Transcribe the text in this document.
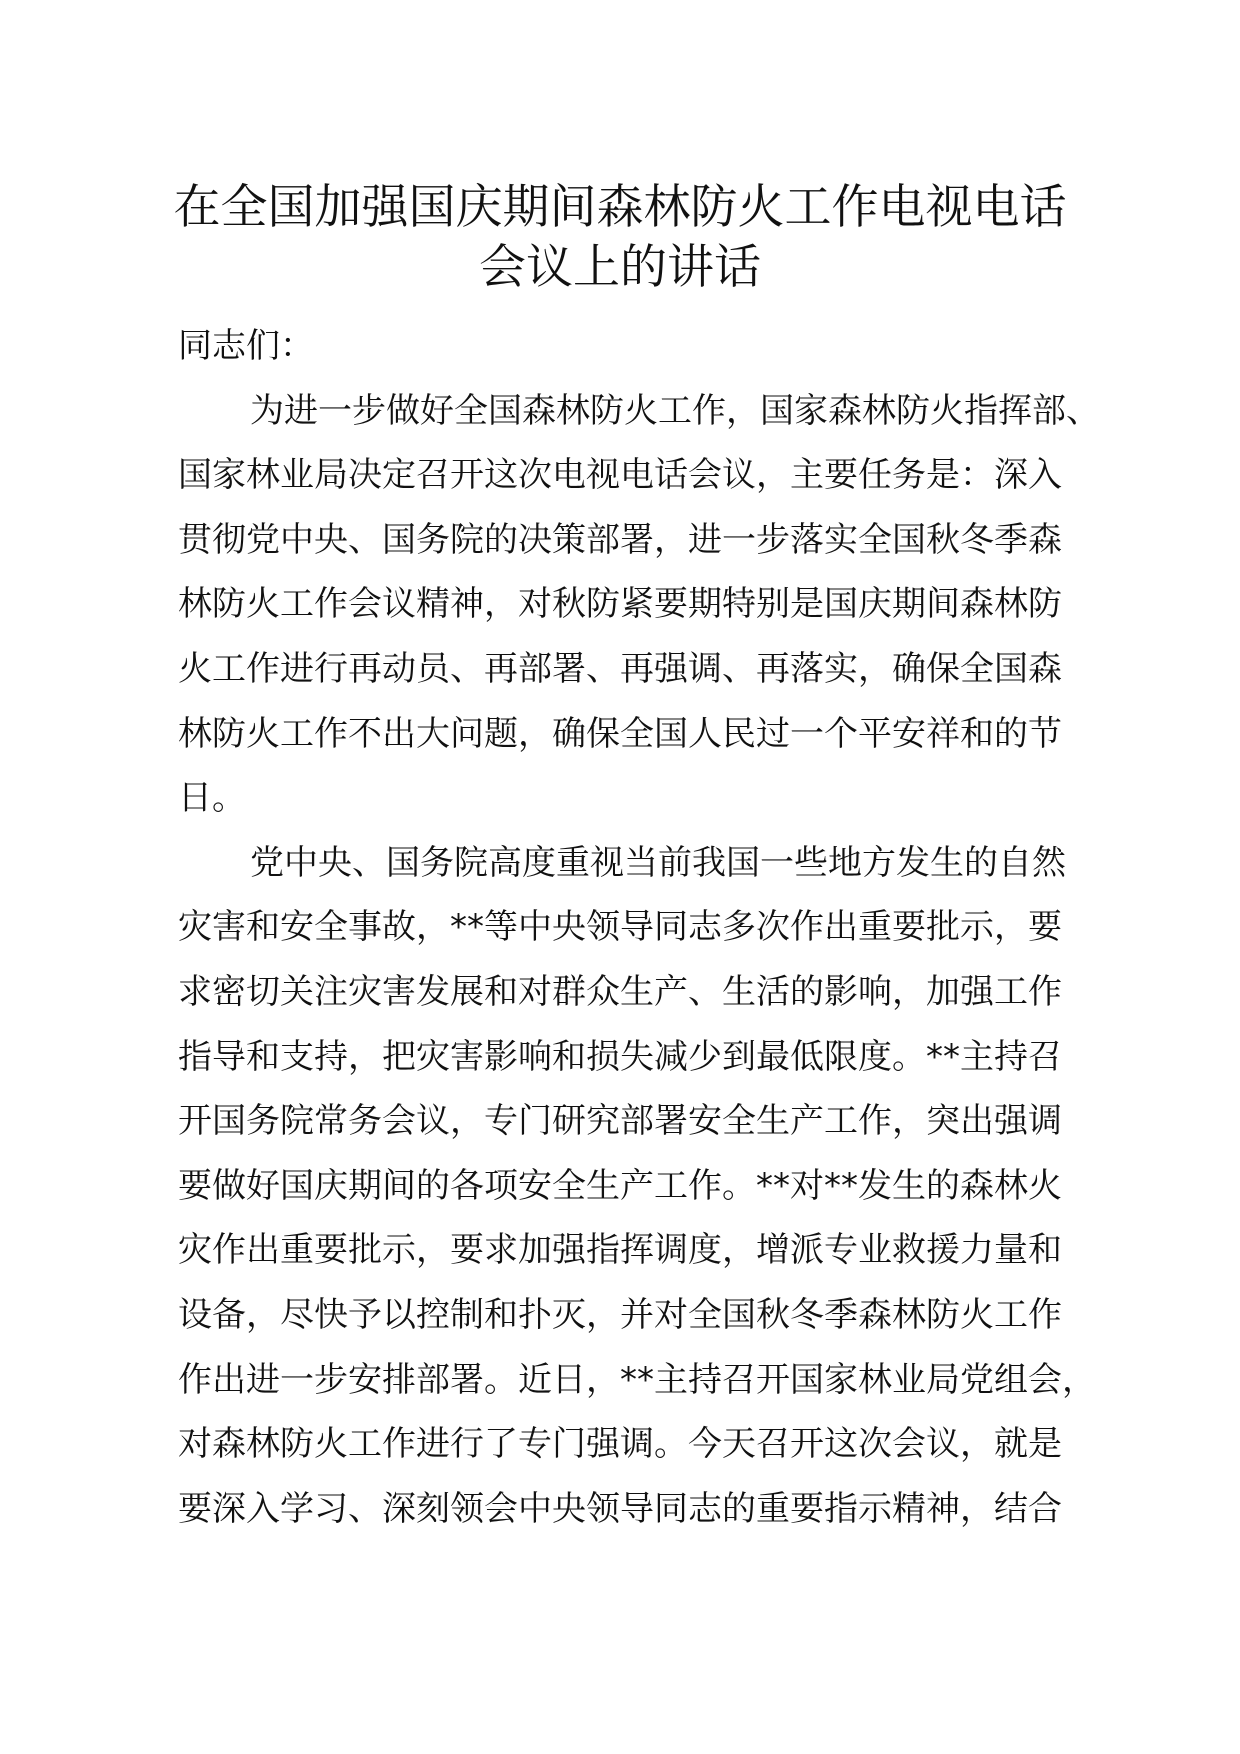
在全国加强国庆期间森林防火工作电视电话
会议上的讲话
同志们：
为进一步做好全国森林防火工作，国家森林防火指挥部、
国家林业局决定召开这次电视电话会议，主要任务是：深入
贯彻党中央、国务院的决策部署，进一步落实全国秋冬季森
林防火工作会议精神，对秋防紧要期特别是国庆期间森林防
火工作进行再动员、再部署、再强调、再落实，确保全国森
林防火工作不出大问题，确保全国人民过一个平安祥和的节
日。
党中央、国务院高度重视当前我国一些地方发生的自然
灾害和安全事故，**等中央领导同志多次作出重要批示，要
求密切关注灾害发展和对群众生产、生活的影响，加强工作
指导和支持，把灾害影响和损失减少到最低限度。**主持召
开国务院常务会议，专门研究部署安全生产工作，突出强调
要做好国庆期间的各项安全生产工作。**对**发生的森林火
灾作出重要批示，要求加强指挥调度，增派专业救援力量和
设备，尽快予以控制和扑灭，并对全国秋冬季森林防火工作
作出进一步安排部署。近日，**主持召开国家林业局党组会，
对森林防火工作进行了专门强调。今天召开这次会议，就是
要深入学习、深刻领会中央领导同志的重要指示精神，结合
